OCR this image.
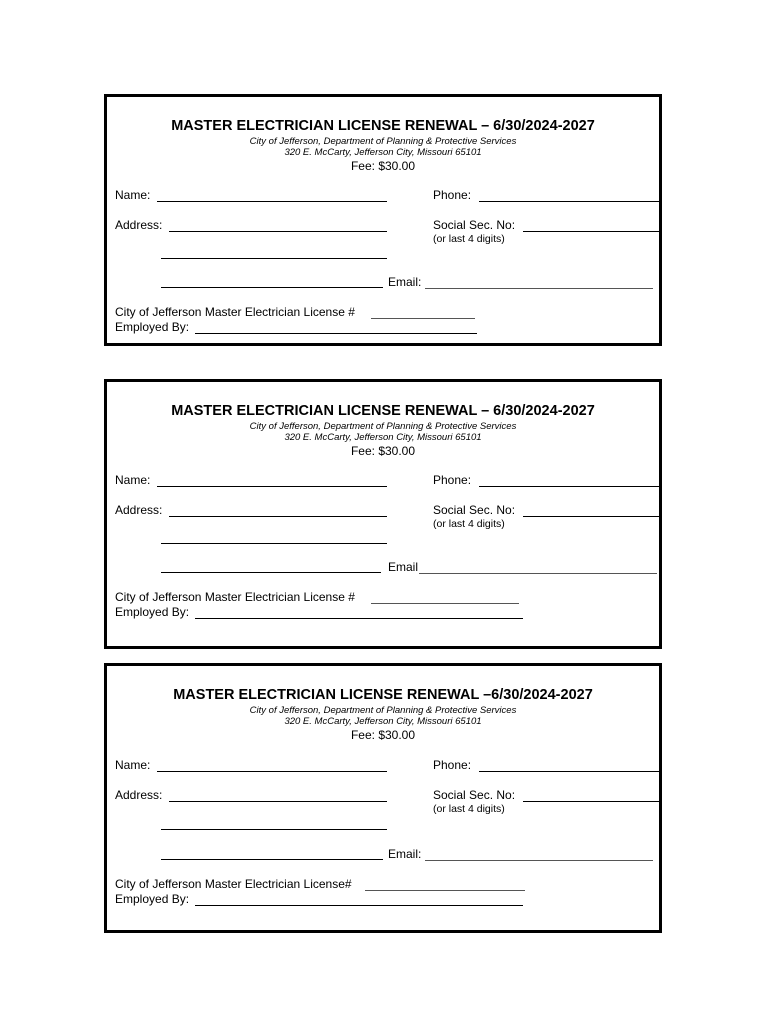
MASTER ELECTRICIAN LICENSE RENEWAL – 6/30/2024-2027
City of Jefferson, Department of Planning & Protective Services
320 E. McCarty, Jefferson City, Missouri 65101
Fee: $30.00
Name:	Phone:
Address:	Social Sec. No:
(or last 4 digits)
Email:
City of Jefferson Master Electrician License #
Employed By:
MASTER ELECTRICIAN LICENSE RENEWAL – 6/30/2024-2027
City of Jefferson, Department of Planning & Protective Services
320 E. McCarty, Jefferson City, Missouri 65101
Fee: $30.00
Name:	Phone:
Address:	Social Sec. No:
(or last 4 digits)
Email
City of Jefferson Master Electrician License #
Employed By:
MASTER ELECTRICIAN LICENSE RENEWAL –6/30/2024-2027
City of Jefferson, Department of Planning & Protective Services
320 E. McCarty, Jefferson City, Missouri 65101
Fee: $30.00
Name:	Phone:
Address:	Social Sec. No:
(or last 4 digits)
Email:
City of Jefferson Master Electrician License#
Employed By:
